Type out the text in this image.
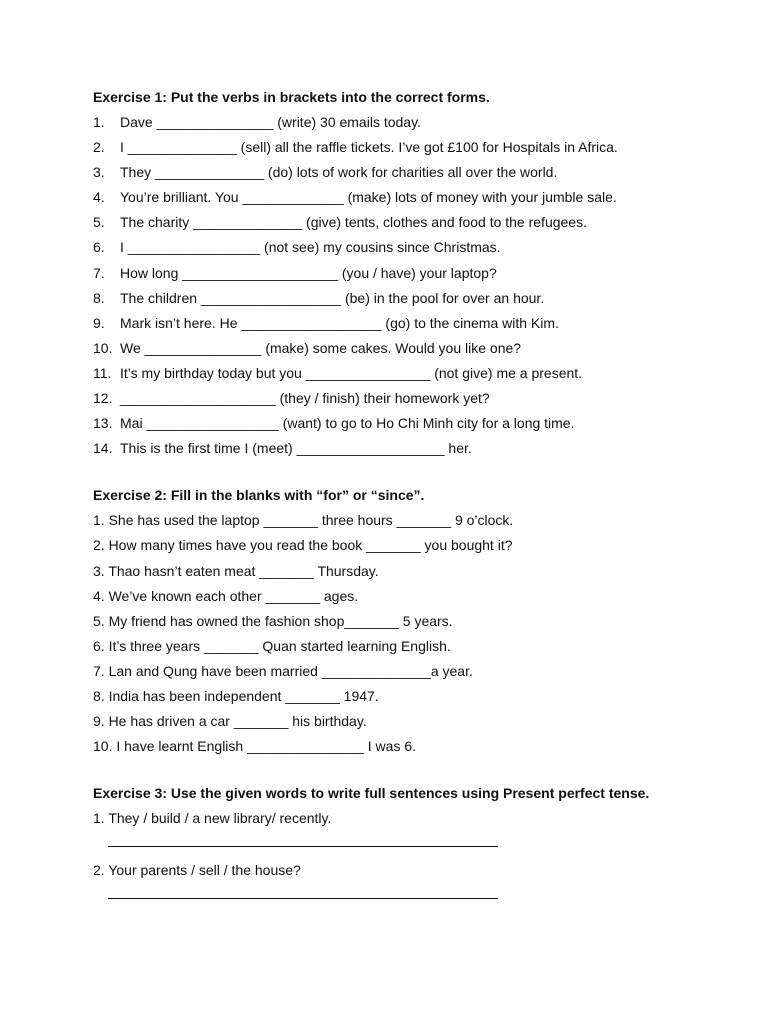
Exercise 1: Put the verbs in brackets into the correct forms.
1. Dave _______________ (write) 30 emails today.
2. I ______________ (sell) all the raffle tickets. I’ve got £100 for Hospitals in Africa.
3. They ______________ (do) lots of work for charities all over the world.
4. You’re brilliant. You _____________ (make) lots of money with your jumble sale.
5. The charity ______________ (give) tents, clothes and food to the refugees.
6. I _________________ (not see) my cousins since Christmas.
7. How long ____________________ (you / have) your laptop?
8. The children __________________ (be) in the pool for over an hour.
9. Mark isn’t here. He __________________ (go) to the cinema with Kim.
10. We _______________ (make) some cakes. Would you like one?
11. It’s my birthday today but you ________________ (not give) me a present.
12. ____________________ (they / finish) their homework yet?
13. Mai _________________ (want) to go to Ho Chi Minh city for a long time.
14. This is the first time I (meet) ___________________ her.
Exercise 2: Fill in the blanks with “for” or “since”.
1. She has used the laptop _______ three hours _______ 9 o’clock.
2. How many times have you read the book _______ you bought it?
3. Thao hasn’t eaten meat _______ Thursday.
4. We’ve known each other _______ ages.
5. My friend has owned the fashion shop_______ 5 years.
6. It’s three years _______ Quan started learning English.
7. Lan and Qung have been married ______________a year.
8. India has been independent _______ 1947.
9. He has driven a car _______ his birthday.
10. I have learnt English _______________ I was 6.
Exercise 3: Use the given words to write full sentences using Present perfect tense.
1. They / build / a new library/ recently.
2. Your parents / sell / the house?
